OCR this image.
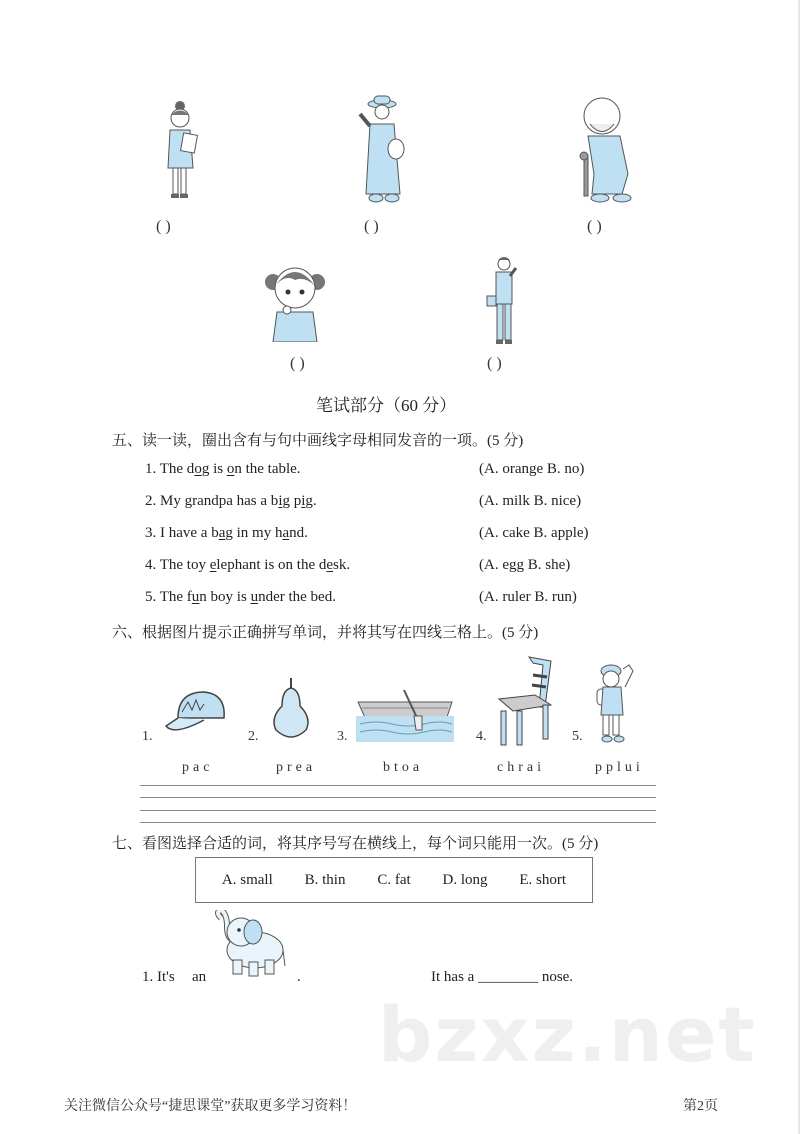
( )	( )	( )
( )	( )
笔试部分（60 分）
五、读一读，圈出含有与句中画线字母相同发音的一项。(5 分)
1. The dog is on the table.	(A. orange B. no)
2. My grandpa has a big pig.	(A. milk B. nice)
3. I have a bag in my hand.	(A. cake B. apple)
4. The toy elephant is on the desk.	(A. egg B. she)
5. The fun boy is under the bed.	(A. ruler B. run)
六、根据图片提示正确拼写单词，并将其写在四线三格上。(5 分)
1.	2.	3.	4.	5.
pac	prea	btoa	chrai	pplui
七、看图选择合适的词，将其序号写在横线上，每个词只能用一次。(5 分)
A. small B. thin C. fat D. long E. short
1. It's an	.	It has a ________ nose.
bzxz.net
关注微信公众号“捷思课堂”获取更多学习资料！	第2页
